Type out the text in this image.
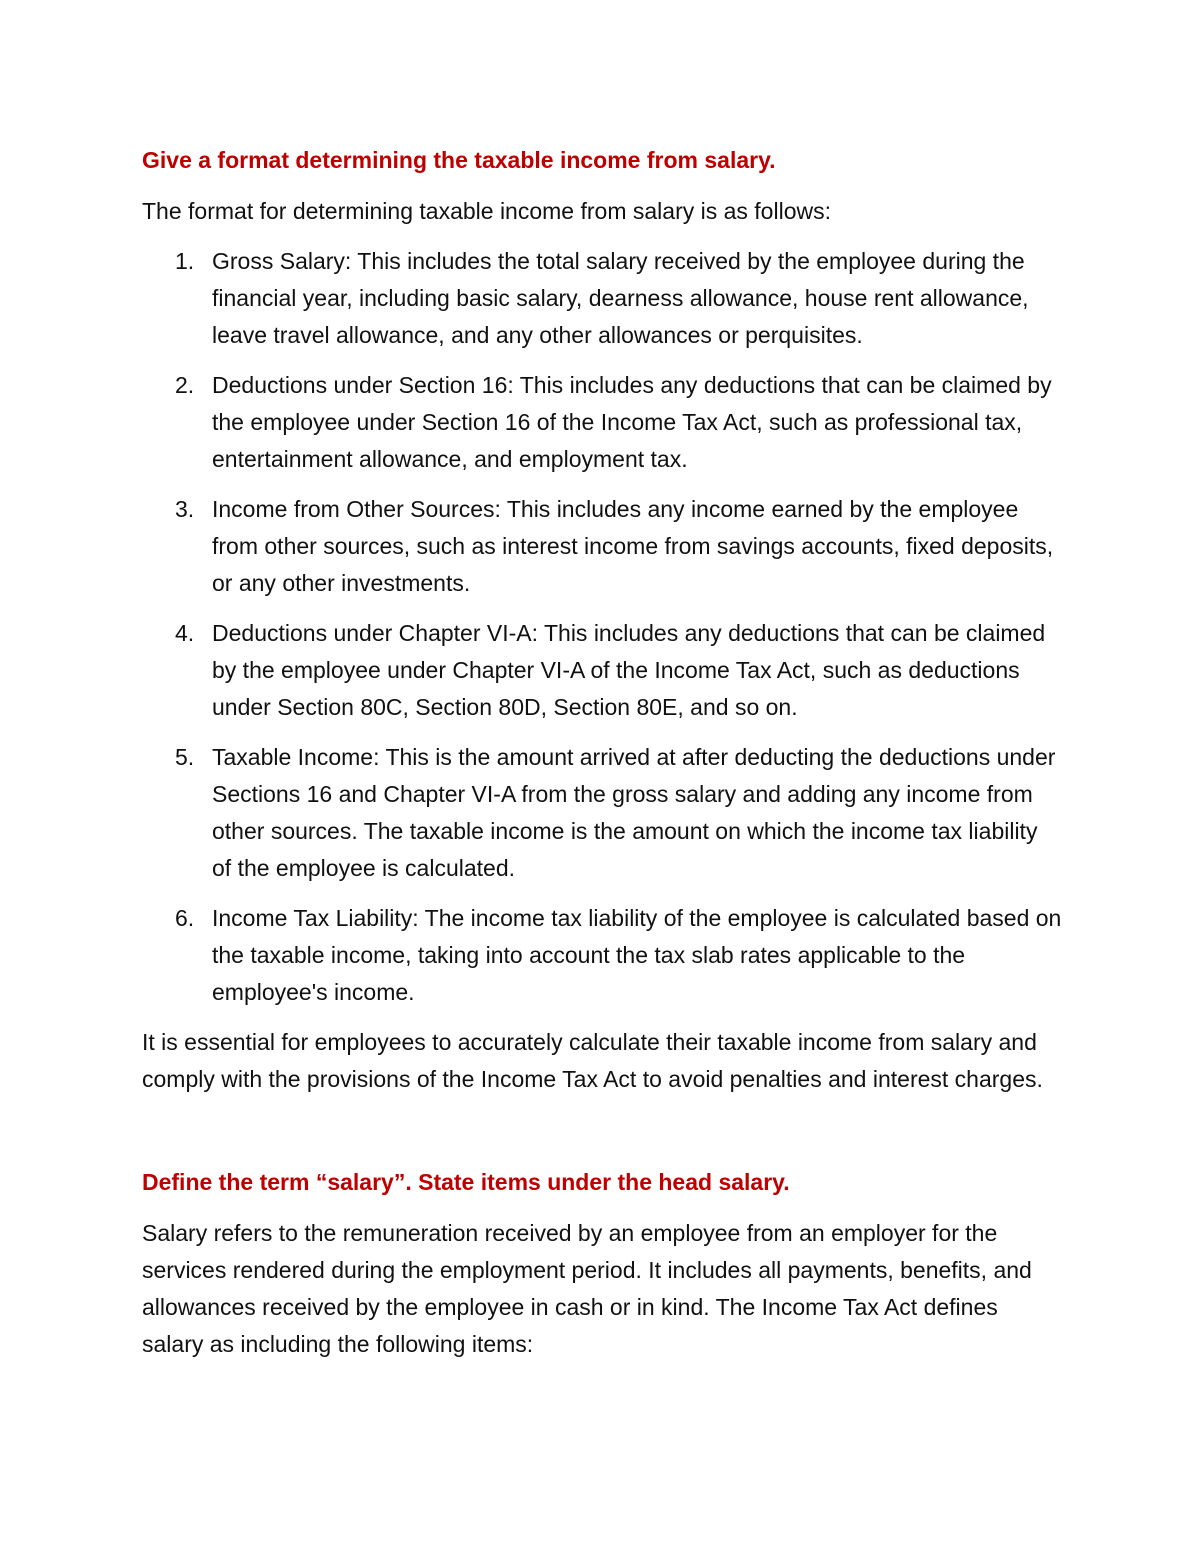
Give a format determining the taxable income from salary.

The format for determining taxable income from salary is as follows:

1. Gross Salary: This includes the total salary received by the employee during the financial year, including basic salary, dearness allowance, house rent allowance, leave travel allowance, and any other allowances or perquisites.
2. Deductions under Section 16: This includes any deductions that can be claimed by the employee under Section 16 of the Income Tax Act, such as professional tax, entertainment allowance, and employment tax.
3. Income from Other Sources: This includes any income earned by the employee from other sources, such as interest income from savings accounts, fixed deposits, or any other investments.
4. Deductions under Chapter VI-A: This includes any deductions that can be claimed by the employee under Chapter VI-A of the Income Tax Act, such as deductions under Section 80C, Section 80D, Section 80E, and so on.
5. Taxable Income: This is the amount arrived at after deducting the deductions under Sections 16 and Chapter VI-A from the gross salary and adding any income from other sources. The taxable income is the amount on which the income tax liability of the employee is calculated.
6. Income Tax Liability: The income tax liability of the employee is calculated based on the taxable income, taking into account the tax slab rates applicable to the employee's income.

It is essential for employees to accurately calculate their taxable income from salary and comply with the provisions of the Income Tax Act to avoid penalties and interest charges.

Define the term “salary”. State items under the head salary.

Salary refers to the remuneration received by an employee from an employer for the services rendered during the employment period. It includes all payments, benefits, and allowances received by the employee in cash or in kind. The Income Tax Act defines salary as including the following items:
